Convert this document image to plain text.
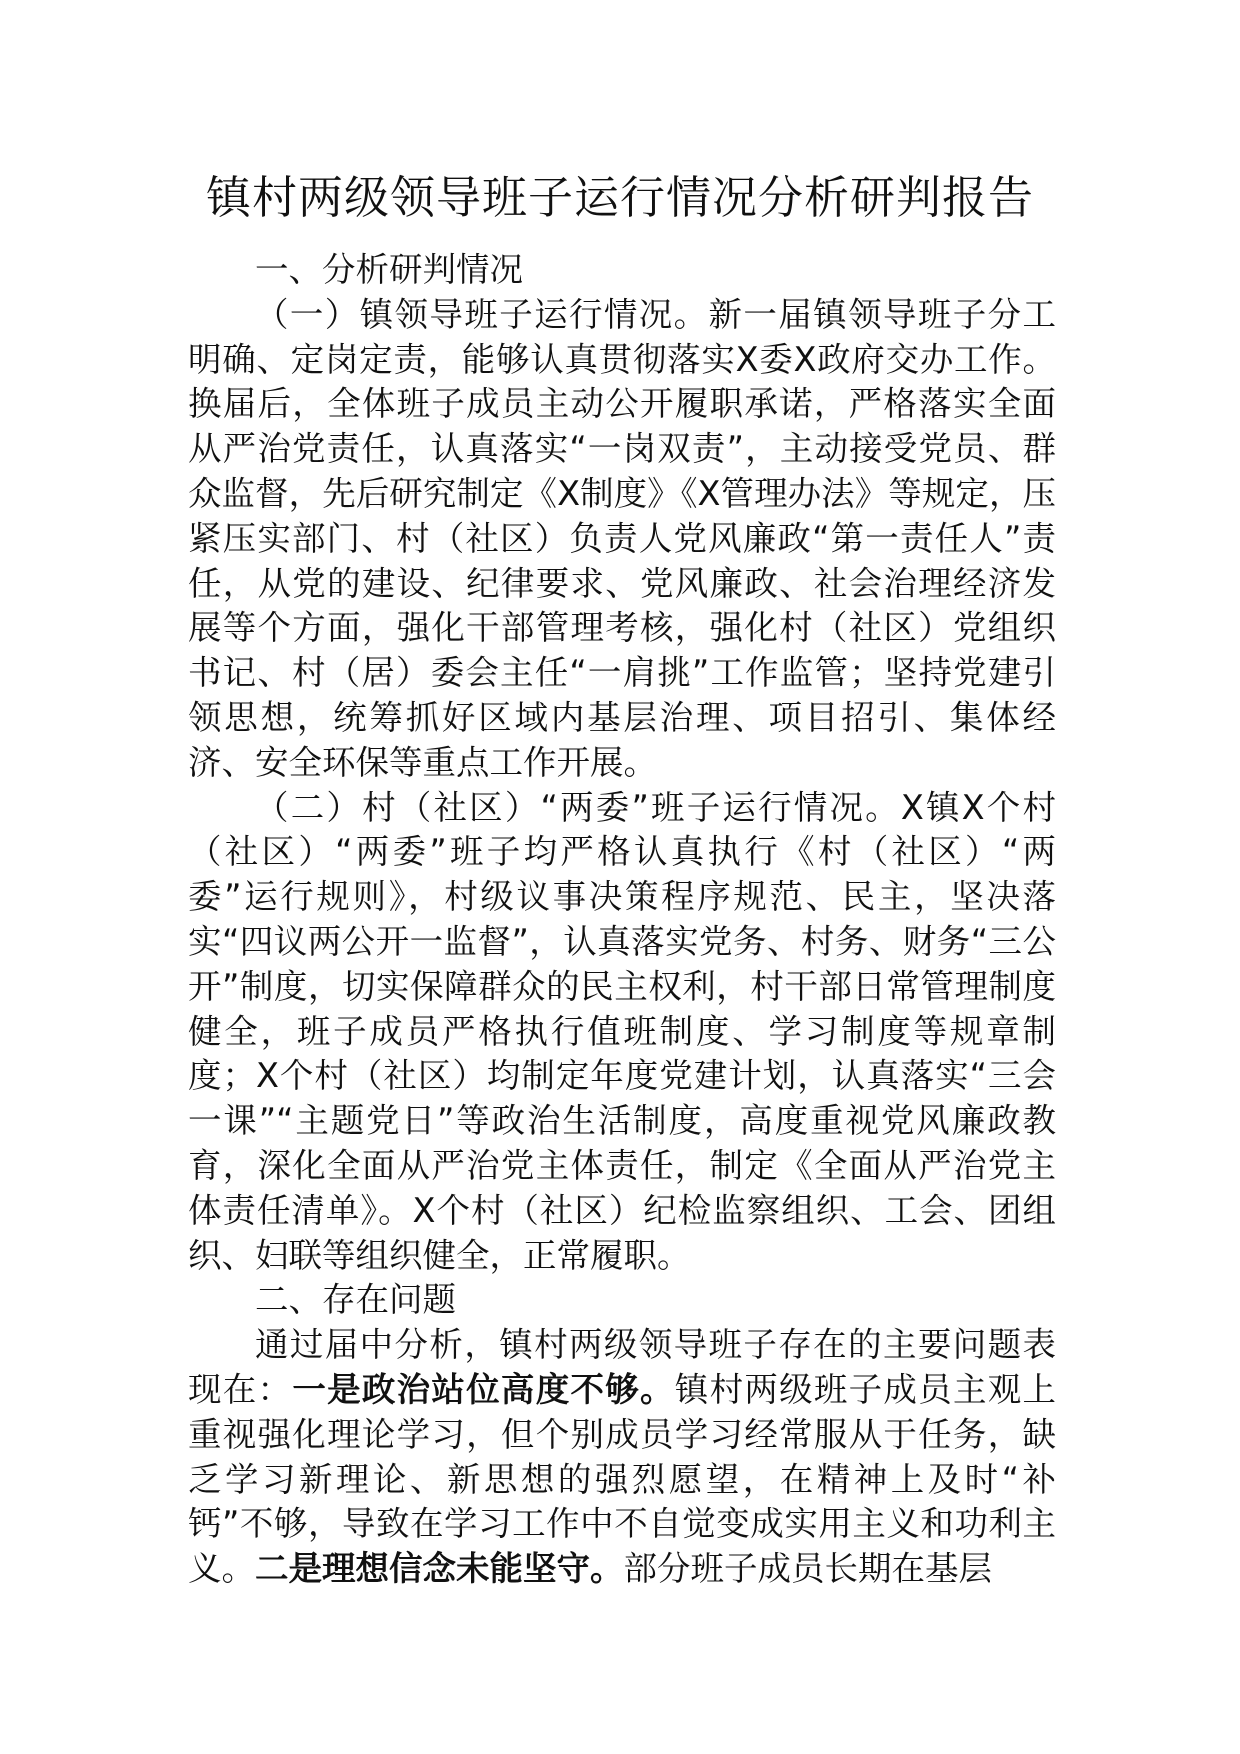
镇村两级领导班子运行情况分析研判报告

一、分析研判情况

（一）镇领导班子运行情况。新一届镇领导班子分工明确、定岗定责，能够认真贯彻落实X委X政府交办工作。换届后，全体班子成员主动公开履职承诺，严格落实全面从严治党责任，认真落实“一岗双责”，主动接受党员、群众监督，先后研究制定《X制度》《X管理办法》等规定，压紧压实部门、村（社区）负责人党风廉政“第一责任人”责任，从党的建设、纪律要求、党风廉政、社会治理经济发展等个方面，强化干部管理考核，强化村（社区）党组织书记、村（居）委会主任“一肩挑”工作监管；坚持党建引领思想，统筹抓好区域内基层治理、项目招引、集体经济、安全环保等重点工作开展。

（二）村（社区）“两委”班子运行情况。X镇X个村（社区）“两委”班子均严格认真执行《村（社区）“两委”运行规则》，村级议事决策程序规范、民主，坚决落实“四议两公开一监督”，认真落实党务、村务、财务“三公开”制度，切实保障群众的民主权利，村干部日常管理制度健全，班子成员严格执行值班制度、学习制度等规章制度；X个村（社区）均制定年度党建计划，认真落实“三会一课”“主题党日”等政治生活制度，高度重视党风廉政教育，深化全面从严治党主体责任，制定《全面从严治党主体责任清单》。X个村（社区）纪检监察组织、工会、团组织、妇联等组织健全，正常履职。

二、存在问题

通过届中分析，镇村两级领导班子存在的主要问题表现在：一是政治站位高度不够。镇村两级班子成员主观上重视强化理论学习，但个别成员学习经常服从于任务，缺乏学习新理论、新思想的强烈愿望，在精神上及时“补钙”不够，导致在学习工作中不自觉变成实用主义和功利主义。二是理想信念未能坚守。部分班子成员长期在基层
